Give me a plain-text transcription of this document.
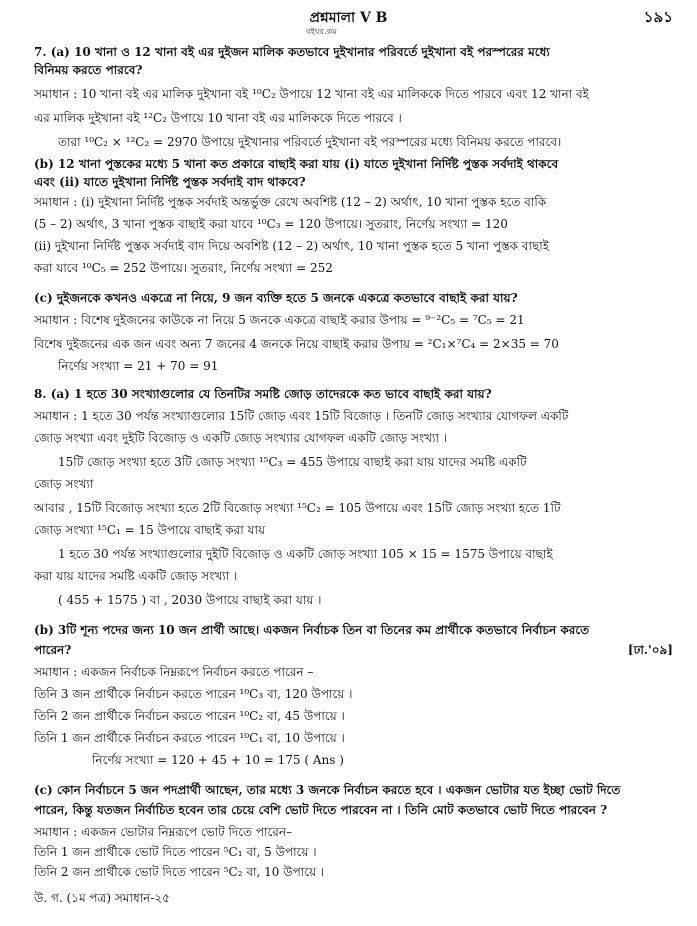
প্রশ্নমালা V B	১৯১
বইঘর.কম
7. (a) 10 খানা ও 12 খানা বই এর দুইজন মালিক কতভাবে দুইখানার পরিবর্তে দুইখানা বই পরস্পরের মধ্যে
বিনিময় করতে পারবে?
সমাধান : 10 খানা বই এর মালিক দুইখানা বই ¹⁰C₂ উপায়ে 12 খানা বই এর মালিককে দিতে পারবে এবং 12 খানা বই
এর মালিক দুইখানা বই ¹²C₂ উপায়ে 10 খানা বই এর মালিককে দিতে পারবে ।
তারা ¹⁰C₂ × ¹²C₂ = 2970 উপায়ে দুইখানার পরিবর্তে দুইখানা বই পরস্পরের মধ্যে বিনিময় করতে পারবে।
(b) 12 খানা পুস্তকের মধ্যে 5 খানা কত প্রকারে বাছাই করা যায় (i) যাতে দুইখানা নির্দিষ্ট পুস্তক সর্বদাই থাকবে
এবং (ii) যাতে দুইখানা নির্দিষ্ট পুস্তক সর্বদাই বাদ থাকবে?
সমাধান : (i) দুইখানা নির্দিষ্ট পুস্তক সর্বদাই অন্তর্ভুক্ত রেখে অবশিষ্ট (12 – 2) অর্থাৎ, 10 খানা পুস্তক হতে বাকি
(5 – 2) অর্থাৎ, 3 খানা পুস্তক বাছাই করা যাবে ¹⁰C₃ = 120 উপায়ে। সুতরাং, নির্ণেয় সংখ্যা = 120
(ii) দুইখানা নির্দিষ্ট পুস্তক সর্বদাই বাদ দিয়ে অবশিষ্ট (12 – 2) অর্থাৎ, 10 খানা পুস্তক হতে 5 খানা পুস্তক বাছাই
করা যাবে ¹⁰C₅ = 252 উপায়ে। সুতরাং, নির্ণেয় সংখ্যা = 252
(c) দুইজনকে কখনও একত্রে না নিয়ে, 9 জন ব্যক্তি হতে 5 জনকে একত্রে কতভাবে বাছাই করা যায়?
সমাধান : বিশেষ দুইজনের কাউকে না নিয়ে 5 জনকে একত্রে বাছাই করার উপায় = ⁹⁻²C₅ = ⁷C₅ = 21
বিশেষ দুইজনের এক জন এবং অন্য 7 জনের 4 জনকে নিয়ে বাছাই করার উপায় = ²C₁×⁷C₄ = 2×35 = 70
নির্ণেয় সংখ্যা = 21 + 70 = 91
8. (a) 1 হতে 30 সংখ্যাগুলোর যে তিনটির সমষ্টি জোড় তাদেরকে কত ভাবে বাছাই করা যায়?
সমাধান : 1 হতে 30 পর্যন্ত সংখ্যাগুলোর 15টি জোড় এবং 15টি বিজোড় । তিনটি জোড় সংখ্যার যোগফল একটি
জোড় সংখ্যা এবং দুইটি বিজোড় ও একটি জোড় সংখ্যার যোগফল একটি জোড় সংখ্যা ।
15টি জোড় সংখ্যা হতে 3টি জোড় সংখ্যা ¹⁵C₃ = 455 উপায়ে বাছাই করা যায় যাদের সমষ্টি একটি
জোড় সংখ্যা
আবার , 15টি বিজোড় সংখ্যা হতে 2টি বিজোড় সংখ্যা ¹⁵C₂ = 105 উপায়ে এবং 15টি জোড় সংখ্যা হতে 1টি
জোড় সংখ্যা ¹⁵C₁ = 15 উপায়ে বাছাই করা যায়
1 হতে 30 পর্যন্ত সংখ্যাগুলোর দুইটি বিজোড় ও একটি জোড় সংখ্যা 105 × 15 = 1575 উপায়ে বাছাই
করা যায় যাদের সমষ্টি একটি জোড় সংখ্যা ।
( 455 + 1575 ) বা , 2030 উপায়ে বাছাই করা যায় ।
(b) 3টি শূন্য পদের জন্য 10 জন প্রার্থী আছে। একজন নির্বাচক তিন বা তিনের কম প্রার্থীকে কতভাবে নির্বাচন করতে
পারেন?	[ঢা.'০৯]
সমাধান : একজন নির্বাচক নিম্নরূপে নির্বাচন করতে পারেন –
তিনি 3 জন প্রার্থীকে নির্বাচন করতে পারেন ¹⁰C₃ বা, 120 উপায়ে ।
তিনি 2 জন প্রার্থীকে নির্বাচন করতে পারেন ¹⁰C₂ বা, 45 উপায়ে ।
তিনি 1 জন প্রার্থীকে নির্বাচন করতে পারেন ¹⁰C₁ বা, 10 উপায়ে ।
নির্ণেয় সংখ্যা = 120 + 45 + 10 = 175 ( Ans )
(c) কোন নির্বাচনে 5 জন পদপ্রার্থী আছেন, তার মধ্যে 3 জনকে নির্বাচন করতে হবে । একজন ভোটার যত ইচ্ছা ভোট দিতে
পারেন, কিন্তু যতজন নির্বাচিত হবেন তার চেয়ে বেশি ভোট দিতে পারবেন না । তিনি মোট কতভাবে ভোট দিতে পারবেন ?
সমাধান : একজন ভোটার নিম্নরূপে ভোট দিতে পারেন–
তিনি 1 জন প্রার্থীকে ভোট দিতে পারেন ⁵C₁ বা, 5 উপায়ে ।
তিনি 2 জন প্রার্থীকে ভোট দিতে পারেন ⁵C₂ বা, 10 উপায়ে ।
উ. গ. (১ম পত্র) সমাধান-২৫
